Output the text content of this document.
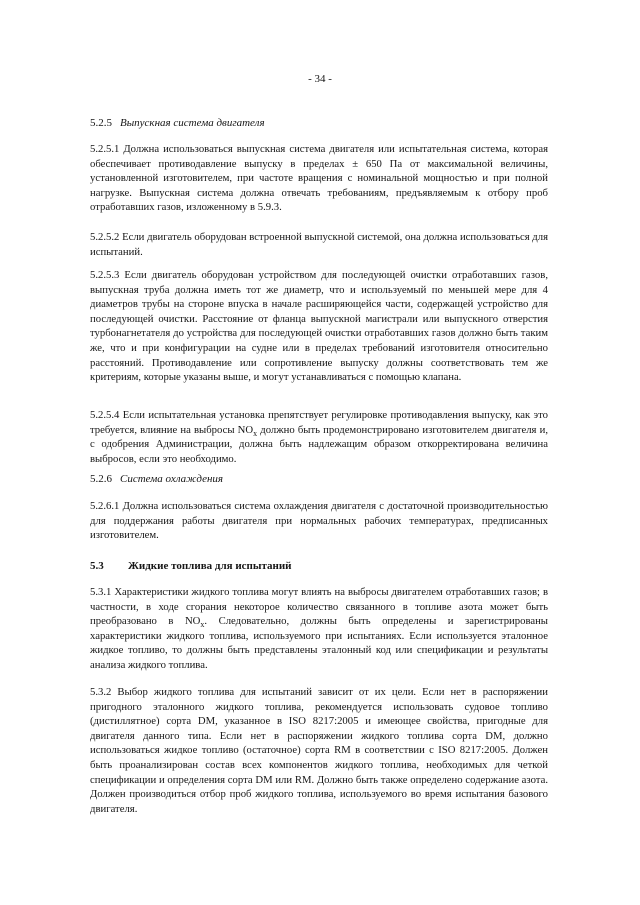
- 34 -
5.2.5 Выпускная система двигателя

5.2.5.1 Должна использоваться выпускная система двигателя или испытательная система, которая обеспечивает противодавление выпуску в пределах ± 650 Па от максимальной величины, установленной изготовителем, при частоте вращения с номинальной мощностью и при полной нагрузке. Выпускная система должна отвечать требованиям, предъявляемым к отбору проб отработавших газов, изложенному в 5.9.3.

5.2.5.2 Если двигатель оборудован встроенной выпускной системой, она должна использоваться для испытаний.

5.2.5.3 Если двигатель оборудован устройством для последующей очистки отработавших газов, выпускная труба должна иметь тот же диаметр, что и используемый по меньшей мере для 4 диаметров трубы на стороне впуска в начале расширяющейся части, содержащей устройство для последующей очистки. Расстояние от фланца выпускной магистрали или выпускного отверстия турбонагнетателя до устройства для последующей очистки отработавших газов должно быть таким же, что и при конфигурации на судне или в пределах требований изготовителя относительно расстояний. Противодавление или сопротивление выпуску должны соответствовать тем же критериям, которые указаны выше, и могут устанавливаться с помощью клапана.

5.2.5.4 Если испытательная установка препятствует регулировке противодавления выпуску, как это требуется, влияние на выбросы $NO_x$ должно быть продемонстрировано изготовителем двигателя и, с одобрения Администрации, должна быть надлежащим образом откорректирована величина выбросов, если это необходимо.

5.2.6 Система охлаждения

5.2.6.1 Должна использоваться система охлаждения двигателя с достаточной производительностью для поддержания работы двигателя при нормальных рабочих температурах, предписанных изготовителем.

5.3 Жидкие топлива для испытаний

5.3.1 Характеристики жидкого топлива могут влиять на выбросы двигателем отработавших газов; в частности, в ходе сгорания некоторое количество связанного в топливе азота может быть преобразовано в $NO_x$. Следовательно, должны быть определены и зарегистрированы характеристики жидкого топлива, используемого при испытаниях. Если используется эталонное жидкое топливо, то должны быть представлены эталонный код или спецификации и результаты анализа жидкого топлива.

5.3.2 Выбор жидкого топлива для испытаний зависит от их цели. Если нет в распоряжении пригодного эталонного жидкого топлива, рекомендуется использовать судовое топливо (дистиллятное) сорта DM, указанное в ISO 8217:2005 и имеющее свойства, пригодные для двигателя данного типа. Если нет в распоряжении жидкого топлива сорта DM, должно использоваться жидкое топливо (остаточное) сорта RM в соответствии с ISO 8217:2005. Должен быть проанализирован состав всех компонентов жидкого топлива, необходимых для четкой спецификации и определения сорта DM или RM. Должно быть также определено содержание азота. Должен производиться отбор проб жидкого топлива, используемого во время испытания базового двигателя.
